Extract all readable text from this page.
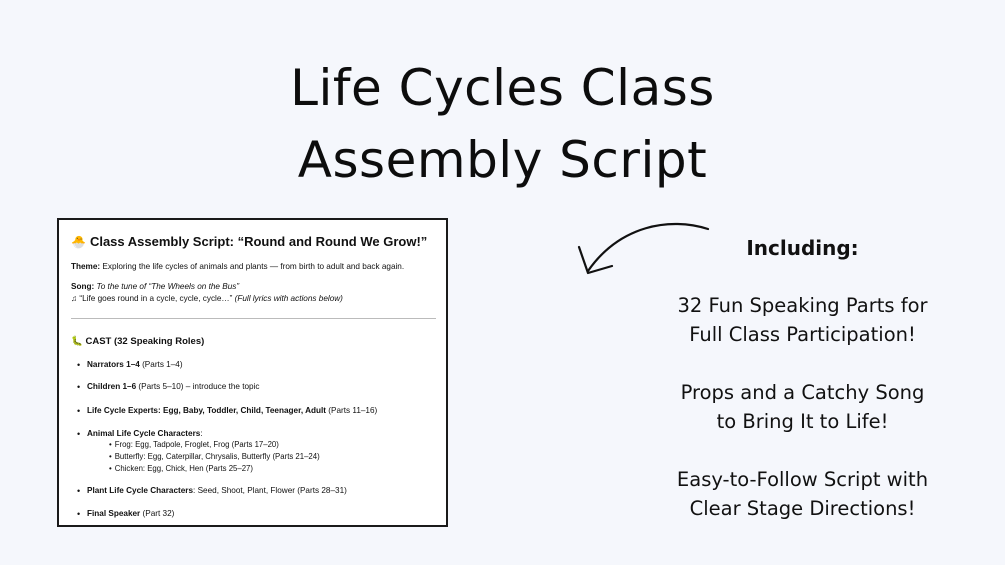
Life Cycles Class
Assembly Script
🐣 Class Assembly Script: “Round and Round We Grow!”
Theme: Exploring the life cycles of animals and plants — from birth to adult and back again.
Song: To the tune of “The Wheels on the Bus”
♫ “Life goes round in a cycle, cycle, cycle…” (Full lyrics with actions below)
🐛 CAST (32 Speaking Roles)
• Narrators 1–4 (Parts 1–4)
• Children 1–6 (Parts 5–10) – introduce the topic
• Life Cycle Experts: Egg, Baby, Toddler, Child, Teenager, Adult (Parts 11–16)
• Animal Life Cycle Characters:
• Frog: Egg, Tadpole, Froglet, Frog (Parts 17–20)
• Butterfly: Egg, Caterpillar, Chrysalis, Butterfly (Parts 21–24)
• Chicken: Egg, Chick, Hen (Parts 25–27)
• Plant Life Cycle Characters: Seed, Shoot, Plant, Flower (Parts 28–31)
• Final Speaker (Part 32)
Including:
32 Fun Speaking Parts for
Full Class Participation!
Props and a Catchy Song
to Bring It to Life!
Easy-to-Follow Script with
Clear Stage Directions!
